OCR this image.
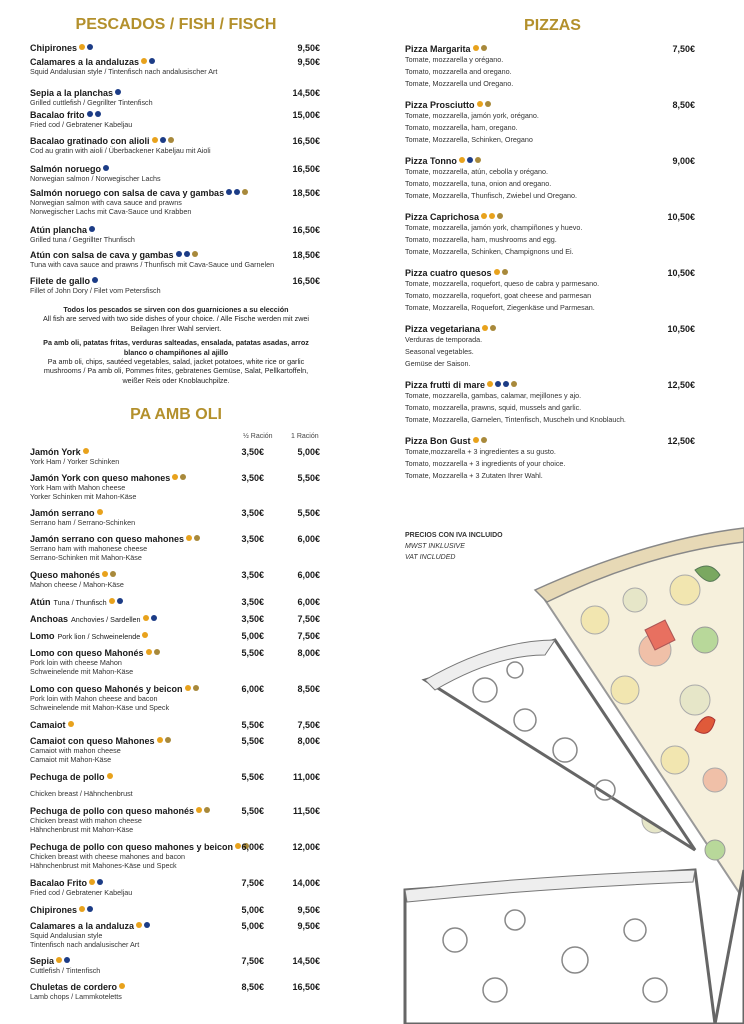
PESCADOS / FISH / FISCH
Chipirones	9,50€
Calamares a la andaluzas	9,50€
Squid Andalusian style / Tintenfisch nach andalusischer Art
Sepia a la planchas	14,50€
Grilled cuttlefish / Gegrillter Tintenfisch
Bacalao frito	15,00€
Fried cod / Gebratener Kabeljau
Bacalao gratinado con alioli	16,50€
Cod au gratin with aioli / Überbackener Kabeljau mit Aioli
Salmón noruego	16,50€
Norwegian salmon / Norwegischer Lachs
Salmón noruego con salsa de cava y gambas	18,50€
Norwegian salmon with cava sauce and prawns
Norwegischer Lachs mit Cava-Sauce und Krabben
Atún plancha	16,50€
Grilled tuna / Gegrillter Thunfisch
Atún con salsa de cava y gambas	18,50€
Tuna with cava sauce and prawns / Thunfisch mit Cava-Sauce und Garnelen
Filete de gallo	16,50€
Fillet of John Dory / Filet vom Petersfisch
Todos los pescados se sirven con dos guarniciones a su elección
All fish are served with two side dishes of your choice. / Alle Fische werden mit zwei
Beilagen Ihrer Wahl serviert.
Pa amb oli, patatas fritas, verduras salteadas, ensalada, patatas asadas, arroz
blanco o champiñones al ajillo
Pa amb oli, chips, sautéed vegetables, salad, jacket potatoes, white rice or garlic
mushrooms / Pa amb oli, Pommes frites, gebratenes Gemüse, Salat, Pellkartoffeln,
weißer Reis oder Knoblauchpilze.
PA AMB OLI
½ Ración	1 Ración
Jamón York	3,50€	5,00€
York Ham / Yorker Schinken
Jamón York con queso mahones	3,50€	5,50€
York Ham with Mahon cheese
Yorker Schinken mit Mahon-Käse
Jamón serrano	3,50€	5,50€
Serrano ham / Serrano-Schinken
Jamón serrano con queso mahones	3,50€	6,00€
Serrano ham with mahonese cheese
Serrano-Schinken mit Mahon-Käse
Queso mahonés	3,50€	6,00€
Mahon cheese / Mahon-Käse
Atún Tuna / Thunfisch	3,50€	6,00€
Anchoas Anchovies / Sardellen	3,50€	7,50€
Lomo Pork lion / Schweinelende	5,00€	7,50€
Lomo con queso Mahonés	5,50€	8,00€
Pork loin with cheese Mahon
Schweinelende mit Mahon-Käse
Lomo con queso Mahonés y beicon	6,00€	8,50€
Pork loin with Mahon cheese and bacon
Schweinelende mit Mahon-Käse und Speck
Camaiot	5,50€	7,50€
Camaiot con queso Mahones	5,50€	8,00€
Camaiot with mahon cheese
Camaiot mit Mahon-Käse
Pechuga de pollo	5,50€	11,00€
Chicken breast / Hähnchenbrust
Pechuga de pollo con queso mahonés	5,50€	11,50€
Chicken breast with mahon cheese
Hähnchenbrust mit Mahon-Käse
Pechuga de pollo con queso mahones y beicon 6,00€	12,00€
Chicken breast with cheese mahones and bacon
Hähnchenbrust mit Mahones-Käse und Speck
Bacalao Frito	7,50€	14,00€
Fried cod / Gebratener Kabeljau
Chipirones	5,00€	9,50€
Calamares a la andaluza	5,00€	9,50€
Squid Andalusian style
Tintenfisch nach andalusischer Art
Sepia	7,50€	14,50€
Cuttlefish / Tintenfisch
Chuletas de cordero	8,50€	16,50€
Lamb chops / Lammkoteletts
PIZZAS
Pizza Margarita	7,50€
Tomate, mozzarella y orégano.
Tomato, mozzarella and oregano.
Tomate, Mozzarella und Oregano.
Pizza Prosciutto	8,50€
Tomate, mozzarella, jamón york, orégano.
Tomato, mozzarella, ham, oregano.
Tomate, Mozzarella, Schinken, Oregano
Pizza Tonno	9,00€
Tomate, mozzarella, atún, cebolla y orégano.
Tomato, mozzarella, tuna, onion and oregano.
Tomate, Mozzarella, Thunfisch, Zwiebel und Oregano.
Pizza Caprichosa	10,50€
Tomate, mozzarella, jamón york, champiñones y huevo.
Tomato, mozzarella, ham, mushrooms and egg.
Tomate, Mozzarella, Schinken, Champignons und Ei.
Pizza cuatro quesos	10,50€
Tomate, mozzarella, roquefort, queso de cabra y parmesano.
Tomato, mozzarella, roquefort, goat cheese and parmesan
Tomate, Mozzarella, Roquefort, Ziegenkäse und Parmesan.
Pizza vegetariana	10,50€
Verduras de temporada.
Seasonal vegetables.
Gemüse der Saison.
Pizza frutti di mare	12,50€
Tomate, mozzarella, gambas, calamar, mejillones y ajo.
Tomato, mozzarella, prawns, squid, mussels and garlic.
Tomate, Mozzarella, Garnelen, Tintenfisch, Muscheln und Knoblauch.
Pizza Bon Gust	12,50€
Tomate,mozzarella + 3 ingredientes a su gusto.
Tomato, mozzarella + 3 ingredients of your choice.
Tomate, Mozzarella + 3 Zutaten Ihrer Wahl.
PRECIOS CON IVA INCLUIDO
MWST INKLUSIVE
VAT INCLUDED
